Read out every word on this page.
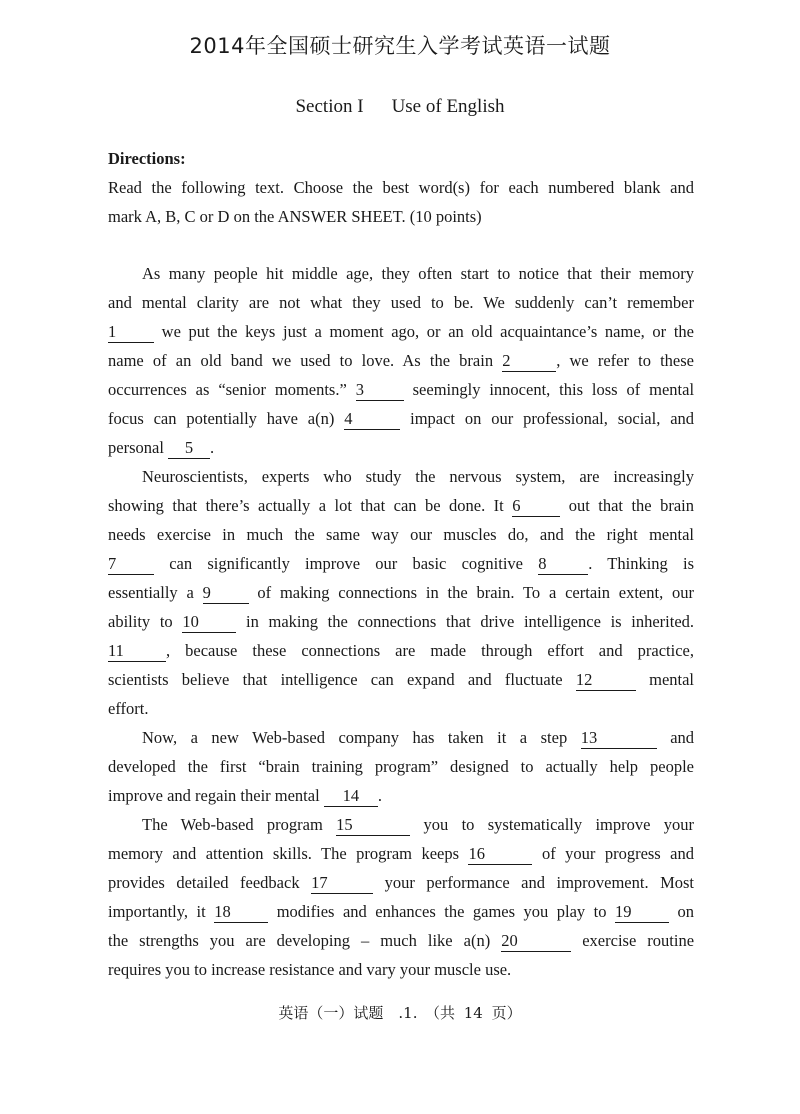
2014年全国硕士研究生入学考试英语一试题
Section I Use of English
Directions:
Read the following text. Choose the best word(s) for each numbered blank and
mark A, B, C or D on the ANSWER SHEET. (10 points)
As many people hit middle age, they often start to notice that their memory
and mental clarity are not what they used to be. We suddenly can’t remember
1	we put the keys just a moment ago, or an old acquaintance’s name, or the
name of an old band we used to love. As the brain 2	, we refer to these
occurrences as “senior moments.” 3	seemingly innocent, this loss of mental
focus can potentially have a(n) 4	impact on our professional, social, and
personal 5 .
Neuroscientists, experts who study the nervous system, are increasingly
showing that there’s actually a lot that can be done. It 6	out that the brain
needs exercise in much the same way our muscles do, and the right mental
7	can significantly improve our basic cognitive 8	. Thinking is
essentially a 9	of making connections in the brain. To a certain extent, our
ability to 10	in making the connections that drive intelligence is inherited.
11	, because these connections are made through effort and practice,
scientists believe that intelligence can expand and fluctuate 12	mental
effort.
Now, a new Web-based company has taken it a step 13	and
developed the first “brain training program” designed to actually help people
improve and regain their mental 14 .
The Web-based program 15	you to systematically improve your
memory and attention skills. The program keeps 16	of your progress and
provides detailed feedback 17	your performance and improvement. Most
importantly, it 18	modifies and enhances the games you play to 19	on
the strengths you are developing – much like a(n) 20	exercise routine
requires you to increase resistance and vary your muscle use.
英语（一）试题　.1.　（共 14 页）
